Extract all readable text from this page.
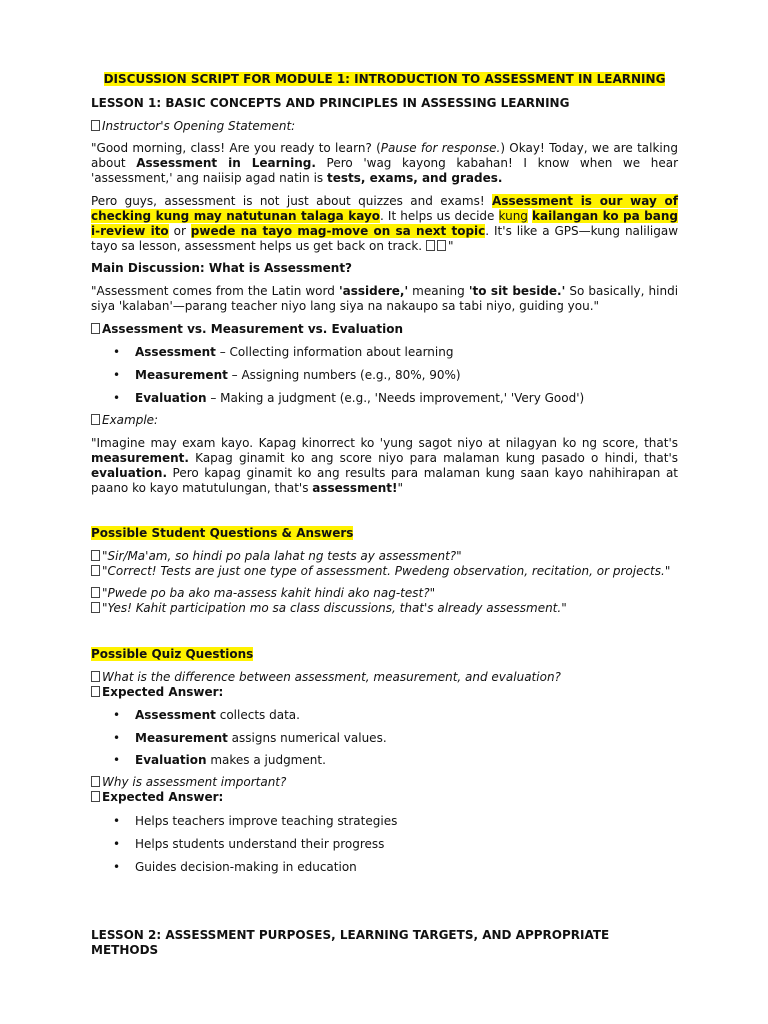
DISCUSSION SCRIPT FOR MODULE 1: INTRODUCTION TO ASSESSMENT IN LEARNING

LESSON 1: BASIC CONCEPTS AND PRINCIPLES IN ASSESSING LEARNING

Instructor's Opening Statement:

"Good morning, class! Are you ready to learn? (Pause for response.) Okay! Today, we are talking about Assessment in Learning. Pero 'wag kayong kabahan! I know when we hear 'assessment,' ang naiisip agad natin is tests, exams, and grades.

Pero guys, assessment is not just about quizzes and exams! Assessment is our way of checking kung may natutunan talaga kayo. It helps us decide kung kailangan ko pa bang i-review ito or pwede na tayo mag-move on sa next topic. It's like a GPS—kung naliligaw tayo sa lesson, assessment helps us get back on track. "

Main Discussion: What is Assessment?

"Assessment comes from the Latin word 'assidere,' meaning 'to sit beside.' So basically, hindi siya 'kalaban'—parang teacher niyo lang siya na nakaupo sa tabi niyo, guiding you."

Assessment vs. Measurement vs. Evaluation

• Assessment – Collecting information about learning
• Measurement – Assigning numbers (e.g., 80%, 90%)
• Evaluation – Making a judgment (e.g., 'Needs improvement,' 'Very Good')

Example:

"Imagine may exam kayo. Kapag kinorrect ko 'yung sagot niyo at nilagyan ko ng score, that's measurement. Kapag ginamit ko ang score niyo para malaman kung pasado o hindi, that's evaluation. Pero kapag ginamit ko ang results para malaman kung saan kayo nahihirapan at paano ko kayo matutulungan, that's assessment!"

Possible Student Questions & Answers

"Sir/Ma'am, so hindi po pala lahat ng tests ay assessment?"

"Correct! Tests are just one type of assessment. Pwedeng observation, recitation, or projects."

"Pwede po ba ako ma-assess kahit hindi ako nag-test?"

"Yes! Kahit participation mo sa class discussions, that's already assessment."

Possible Quiz Questions

What is the difference between assessment, measurement, and evaluation?

Expected Answer:

• Assessment collects data.
• Measurement assigns numerical values.
• Evaluation makes a judgment.

Why is assessment important?

Expected Answer:

• Helps teachers improve teaching strategies
• Helps students understand their progress
• Guides decision-making in education

LESSON 2: ASSESSMENT PURPOSES, LEARNING TARGETS, AND APPROPRIATE METHODS
